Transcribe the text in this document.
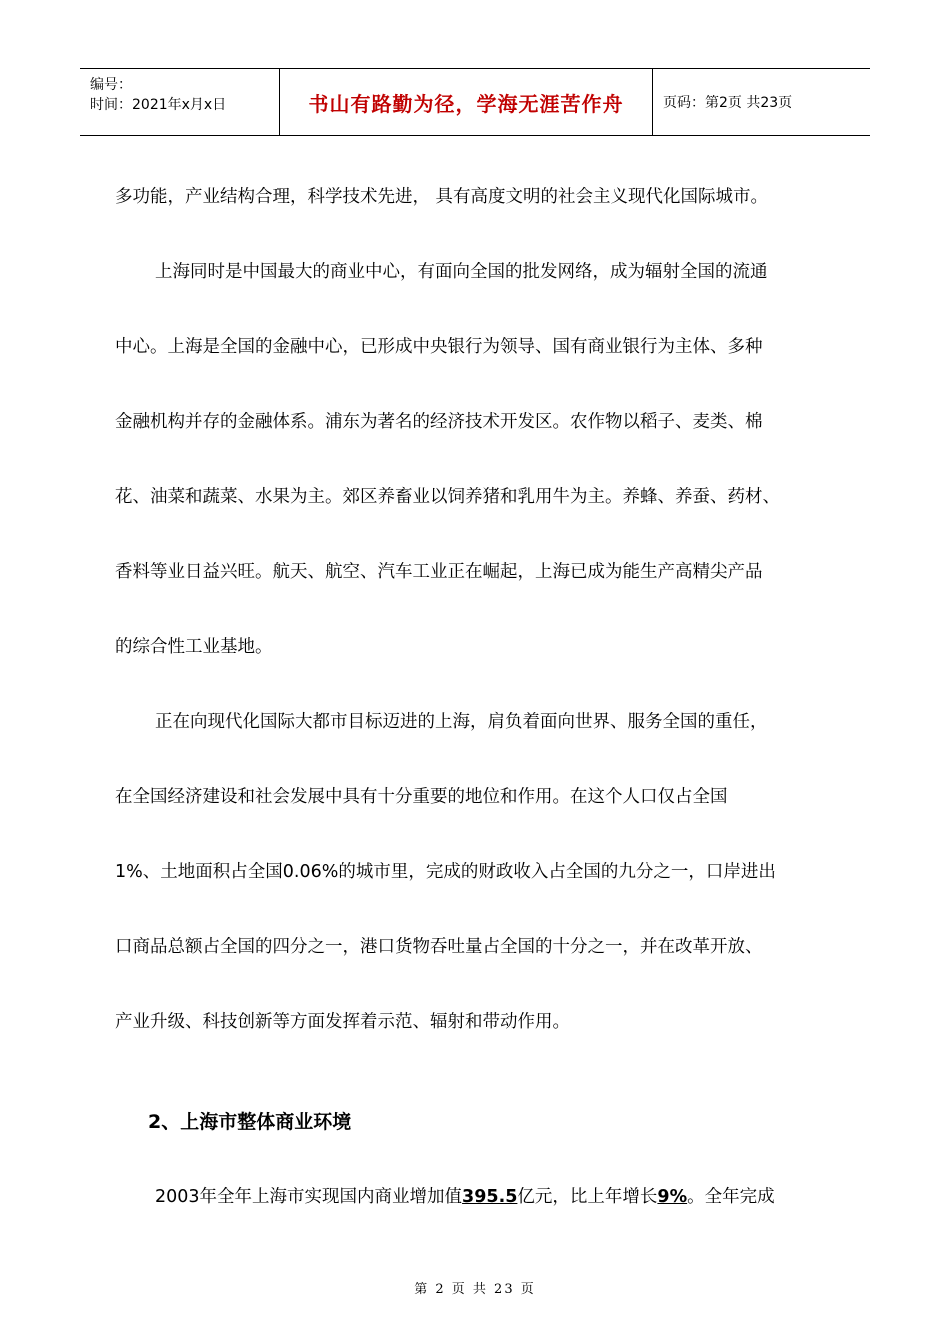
编号：
时间：2021年x月x日	书山有路勤为径，学海无涯苦作舟	页码：第2页 共23页
多功能，产业结构合理，科学技术先进， 具有高度文明的社会主义现代化国际城市。
上海同时是中国最大的商业中心，有面向全国的批发网络，成为辐射全国的流通
中心。上海是全国的金融中心，已形成中央银行为领导、国有商业银行为主体、多种
金融机构并存的金融体系。浦东为著名的经济技术开发区。农作物以稻子、麦类、棉
花、油菜和蔬菜、水果为主。郊区养畜业以饲养猪和乳用牛为主。养蜂、养蚕、药材、
香料等业日益兴旺。航天、航空、汽车工业正在崛起，上海已成为能生产高精尖产品
的综合性工业基地。
正在向现代化国际大都市目标迈进的上海，肩负着面向世界、服务全国的重任，
在全国经济建设和社会发展中具有十分重要的地位和作用。在这个人口仅占全国
1%、土地面积占全国0.06%的城市里，完成的财政收入占全国的九分之一，口岸进出
口商品总额占全国的四分之一，港口货物吞吐量占全国的十分之一，并在改革开放、
产业升级、科技创新等方面发挥着示范、辐射和带动作用。
2、上海市整体商业环境
2003年全年上海市实现国内商业增加值395.5亿元，比上年增长9%。全年完成
第 2 页 共 23 页
